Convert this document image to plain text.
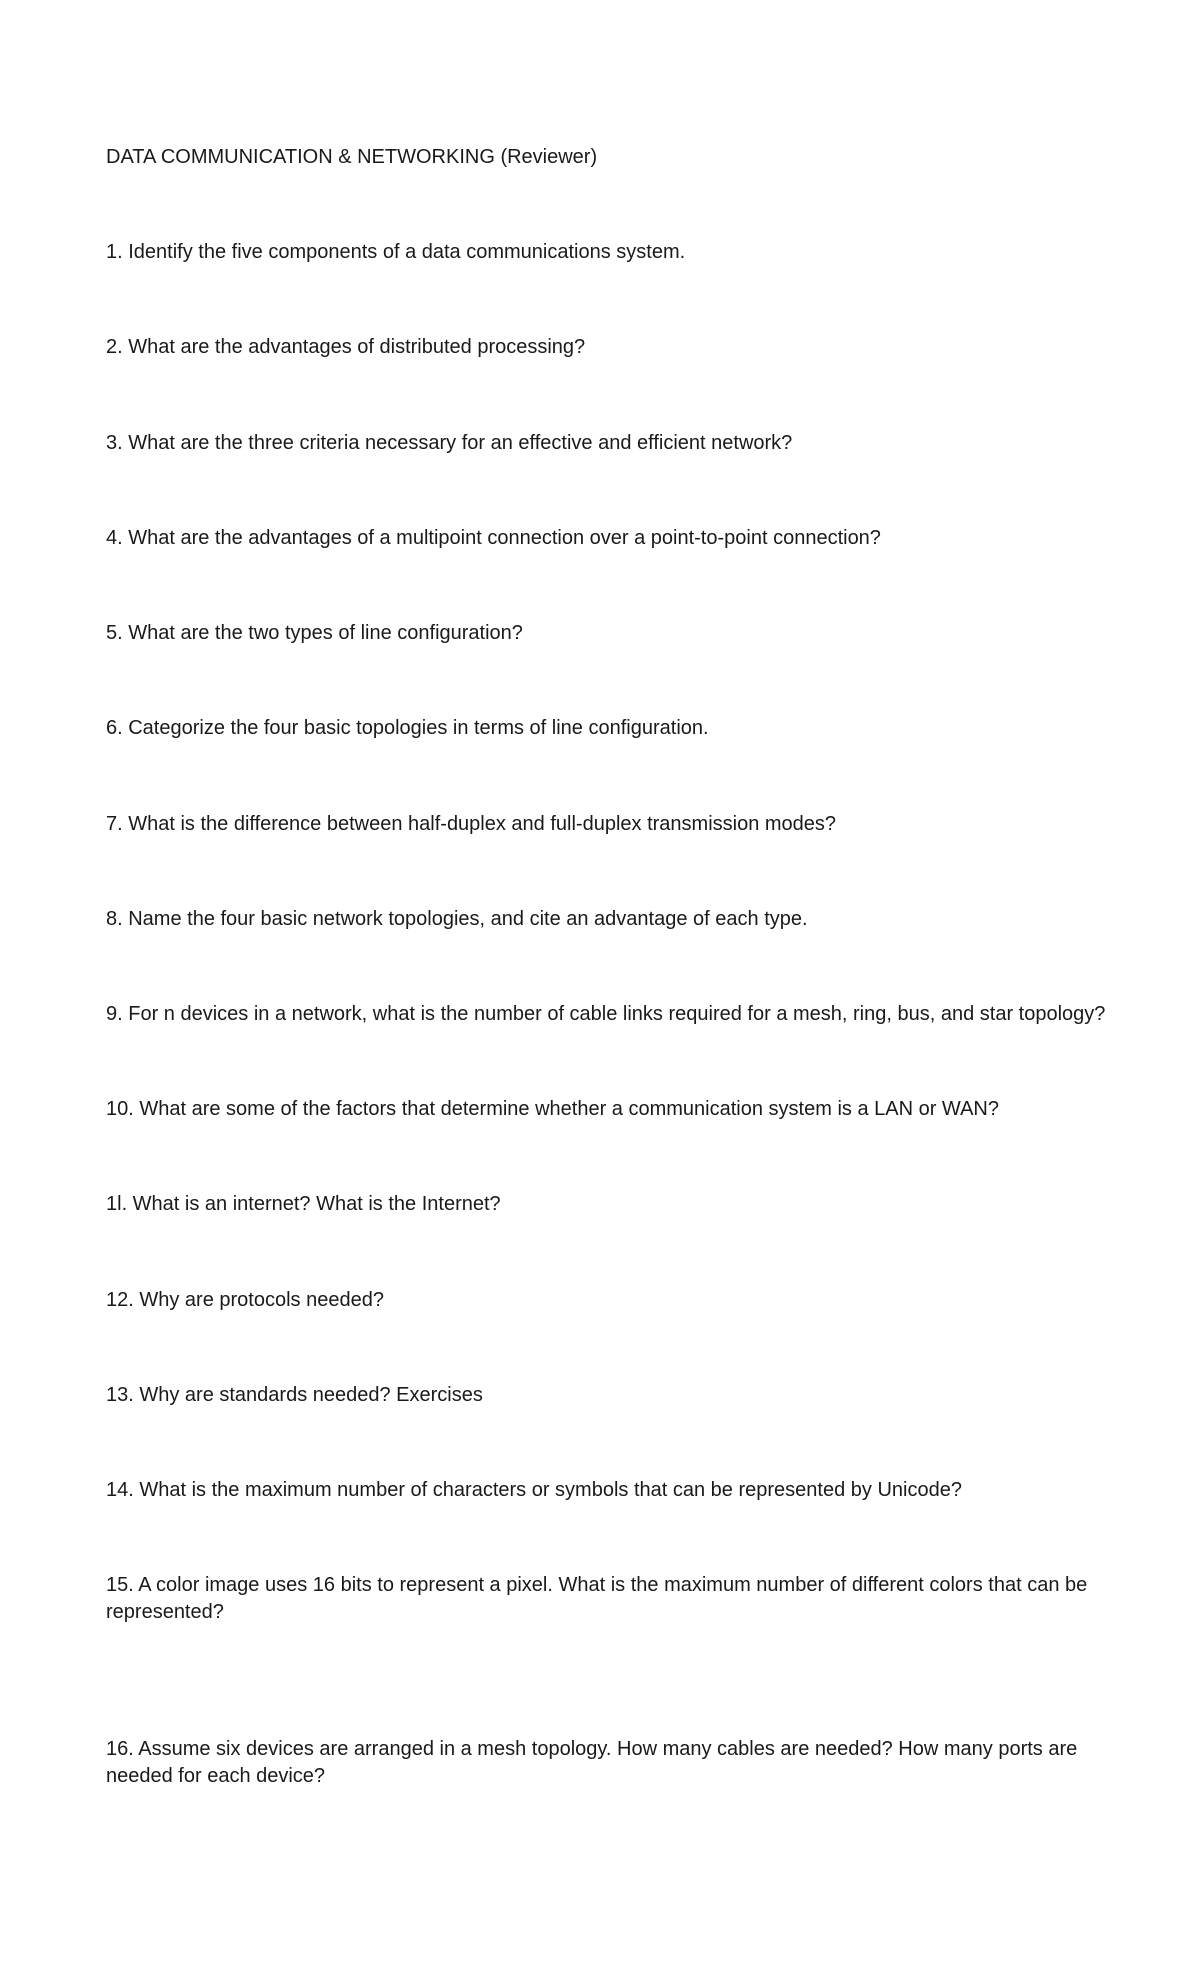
DATA COMMUNICATION & NETWORKING (Reviewer)

1. Identify the five components of a data communications system.

2. What are the advantages of distributed processing?

3. What are the three criteria necessary for an effective and efficient network?

4. What are the advantages of a multipoint connection over a point-to-point connection?

5. What are the two types of line configuration?

6. Categorize the four basic topologies in terms of line configuration.

7. What is the difference between half-duplex and full-duplex transmission modes?

8. Name the four basic network topologies, and cite an advantage of each type.

9. For n devices in a network, what is the number of cable links required for a mesh, ring, bus, and star topology?

10. What are some of the factors that determine whether a communication system is a LAN or WAN?

1l. What is an internet? What is the Internet?

12. Why are protocols needed?

13. Why are standards needed? Exercises

14. What is the maximum number of characters or symbols that can be represented by Unicode?

15. A color image uses 16 bits to represent a pixel. What is the maximum number of different colors that can be represented?

16. Assume six devices are arranged in a mesh topology. How many cables are needed? How many ports are needed for each device?
